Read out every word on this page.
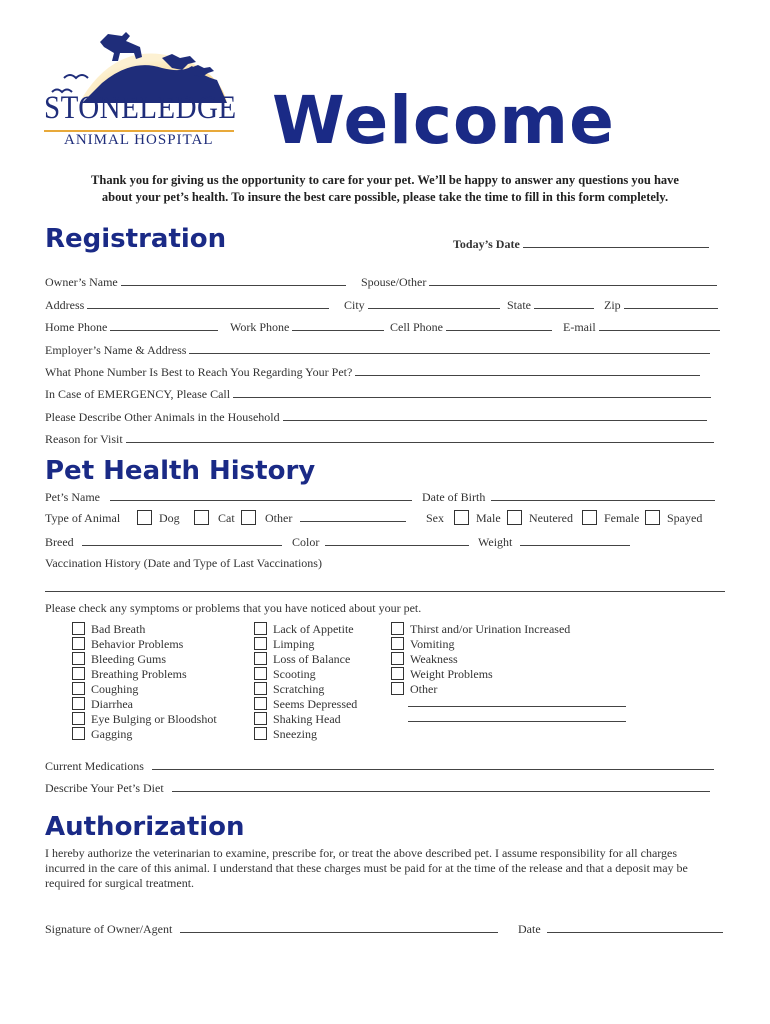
STONELEDGE
ANIMAL HOSPITAL Welcome
Thank you for giving us the opportunity to care for your pet. We’ll be happy to answer any questions you have
about your pet’s health. To insure the best care possible, please take the time to fill in this form completely.
Registration	Today’s Date
Owner’s Name	Spouse/Other
Address	City	State	Zip
Home Phone	Work Phone	Cell Phone	E-mail
Employer’s Name & Address
What Phone Number Is Best to Reach You Regarding Your Pet?
In Case of EMERGENCY, Please Call
Please Describe Other Animals in the Household
Reason for Visit
Pet Health History
Pet’s Name	Date of Birth
Type of Animal	Dog	Cat	Other	Sex	Male	Neutered	Female	Spayed
Breed	Color	Weight
Vaccination History (Date and Type of Last Vaccinations)
Please check any symptoms or problems that you have noticed about your pet.
Bad Breath
Behavior Problems
Bleeding Gums
Breathing Problems
Coughing
Diarrhea
Eye Bulging or Bloodshot
Gagging
Lack of Appetite
Limping
Loss of Balance
Scooting
Scratching
Seems Depressed
Shaking Head
Sneezing
Thirst and/or Urination Increased
Vomiting
Weakness
Weight Problems
Other
Current Medications
Describe Your Pet’s Diet
Authorization
I hereby authorize the veterinarian to examine, prescribe for, or treat the above described pet. I assume responsibility for all charges
incurred in the care of this animal. I understand that these charges must be paid for at the time of the release and that a deposit may be
required for surgical treatment.
Signature of Owner/Agent	Date
